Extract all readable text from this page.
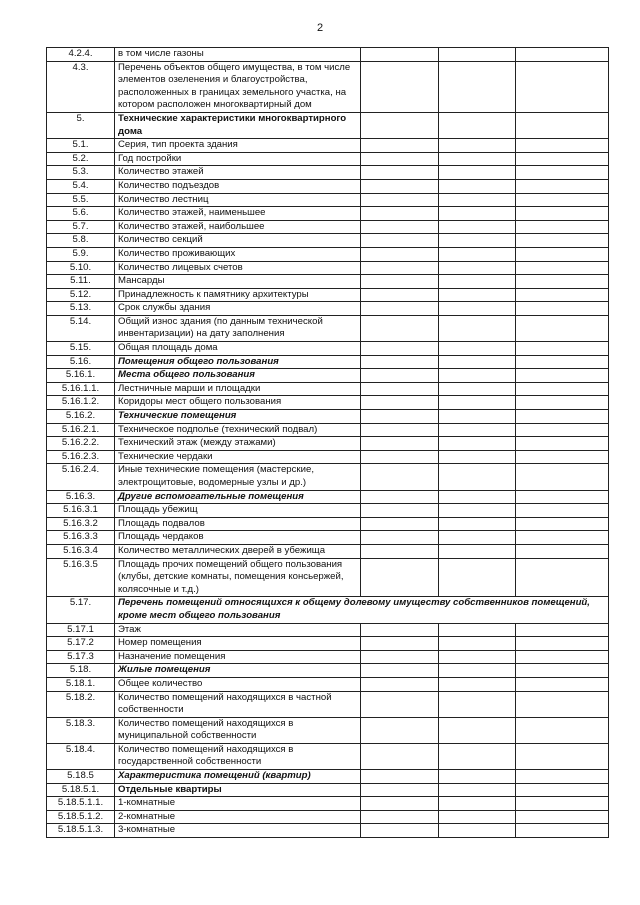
2
4.2.4.	в том числе газоны			
4.3.	Перечень объектов общего имущества, в том числе элементов озеленения и благоустройства, расположенных в границах земельного участка, на котором расположен многоквартирный дом			
5.	Технические характеристики многоквартирного дома			
5.1.	Серия, тип проекта здания			
5.2.	Год постройки			
5.3.	Количество этажей			
5.4.	Количество подъездов			
5.5.	Количество лестниц			
5.6.	Количество этажей, наименьшее			
5.7.	Количество этажей, наибольшее			
5.8.	Количество секций			
5.9.	Количество проживающих			
5.10.	Количество лицевых счетов			
5.11.	Мансарды			
5.12.	Принадлежность к памятнику архитектуры			
5.13.	Срок службы здания			
5.14.	Общий износ здания (по данным технической инвентаризации) на дату заполнения			
5.15.	Общая площадь дома			
5.16.	Помещения общего пользования			
5.16.1.	Места общего пользования			
5.16.1.1.	Лестничные марши и площадки			
5.16.1.2.	Коридоры мест общего пользования			
5.16.2.	Технические помещения			
5.16.2.1.	Техническое подполье (технический подвал)			
5.16.2.2.	Технический этаж (между этажами)			
5.16.2.3.	Технические чердаки			
5.16.2.4.	Иные технические помещения (мастерские, электрощитовые, водомерные узлы и др.)			
5.16.3.	Другие вспомогательные помещения			
5.16.3.1	Площадь убежищ			
5.16.3.2	Площадь подвалов			
5.16.3.3	Площадь чердаков			
5.16.3.4	Количество металлических дверей в убежища			
5.16.3.5	Площадь прочих помещений общего пользования (клубы, детские комнаты, помещения консьержей, колясочные и т.д.)			
5.17.	Перечень помещений относящихся к общему долевому имуществу собственников помещений, кроме мест общего пользования			
5.17.1	Этаж			
5.17.2	Номер помещения			
5.17.3	Назначение помещения			
5.18.	Жилые помещения			
5.18.1.	Общее количество			
5.18.2.	Количество помещений находящихся в частной собственности			
5.18.3.	Количество помещений находящихся в муниципальной собственности			
5.18.4.	Количество помещений находящихся в государственной собственности			
5.18.5	Характеристика помещений (квартир)			
5.18.5.1.	Отдельные квартиры			
5.18.5.1.1.	1-комнатные			
5.18.5.1.2.	2-комнатные			
5.18.5.1.3.	3-комнатные			
